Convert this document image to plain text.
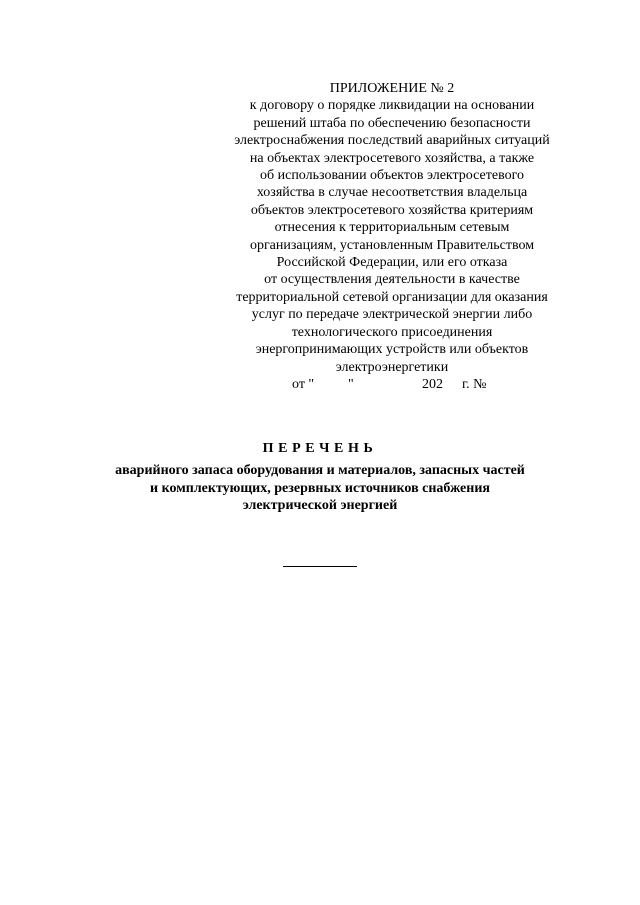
ПРИЛОЖЕНИЕ № 2
к договору о порядке ликвидации на основании
решений штаба по обеспечению безопасности
электроснабжения последствий аварийных ситуаций
на объектах электросетевого хозяйства, а также
об использовании объектов электросетевого
хозяйства в случае несоответствия владельца
объектов электросетевого хозяйства критериям
отнесения к территориальным сетевым
организациям, установленным Правительством
Российской Федерации, или его отказа
от осуществления деятельности в качестве
территориальной сетевой организации для оказания
услуг по передаче электрической энергии либо
технологического присоединения
энергопринимающих устройств или объектов
электроэнергетики
от " "	202 г. №
ПЕРЕЧЕНЬ
аварийного запаса оборудования и материалов, запасных частей
и комплектующих, резервных источников снабжения
электрической энергией
